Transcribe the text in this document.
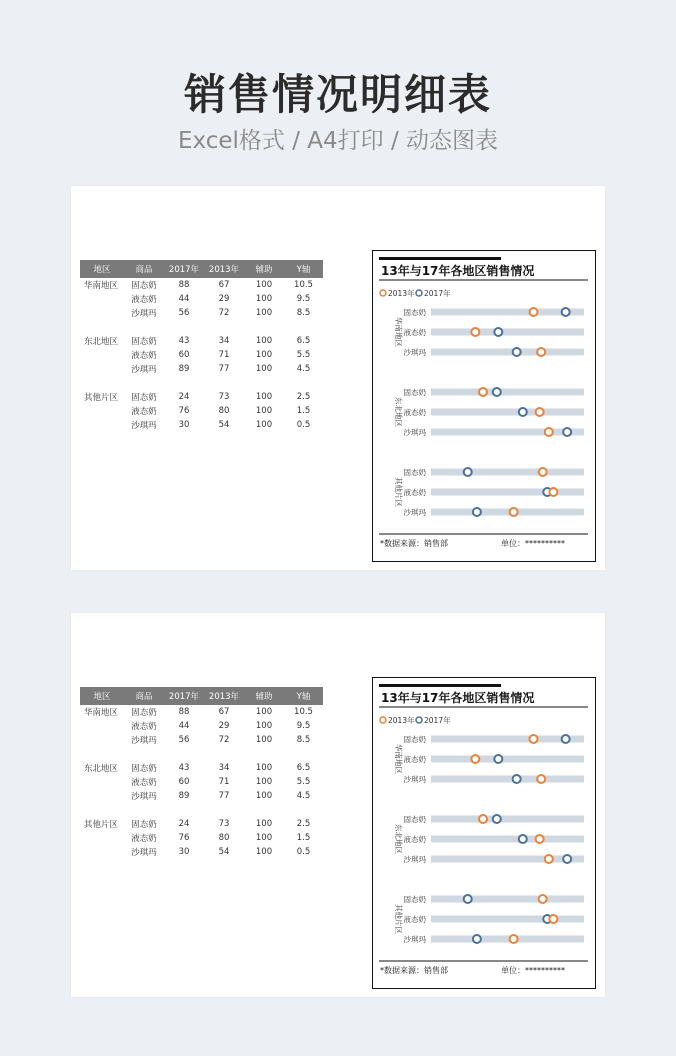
销售情况明细表
Excel格式 / A4打印 / 动态图表
地区	商品	2017年	2013年	辅助	Y轴
华南地区	固态奶	88	67	100	10.5
	液态奶	44	29	100	9.5
	沙琪玛	56	72	100	8.5

东北地区	固态奶	43	34	100	6.5
	液态奶	60	71	100	5.5
	沙琪玛	89	77	100	4.5

其他片区	固态奶	24	73	100	2.5
	液态奶	76	80	100	1.5
	沙琪玛	30	54	100	0.5
13年与17年各地区销售情况
2013年 2017年
华南地区
固态奶
液态奶
沙琪玛
东北地区
固态奶
液态奶
沙琪玛
其他片区
固态奶
液态奶
沙琪玛
*数据来源：销售部	单位：**********
地区	商品	2017年	2013年	辅助	Y轴
华南地区	固态奶	88	67	100	10.5
	液态奶	44	29	100	9.5
	沙琪玛	56	72	100	8.5

东北地区	固态奶	43	34	100	6.5
	液态奶	60	71	100	5.5
	沙琪玛	89	77	100	4.5

其他片区	固态奶	24	73	100	2.5
	液态奶	76	80	100	1.5
	沙琪玛	30	54	100	0.5
13年与17年各地区销售情况
2013年 2017年
华南地区
固态奶
液态奶
沙琪玛
东北地区
固态奶
液态奶
沙琪玛
其他片区
固态奶
液态奶
沙琪玛
*数据来源：销售部	单位：**********
